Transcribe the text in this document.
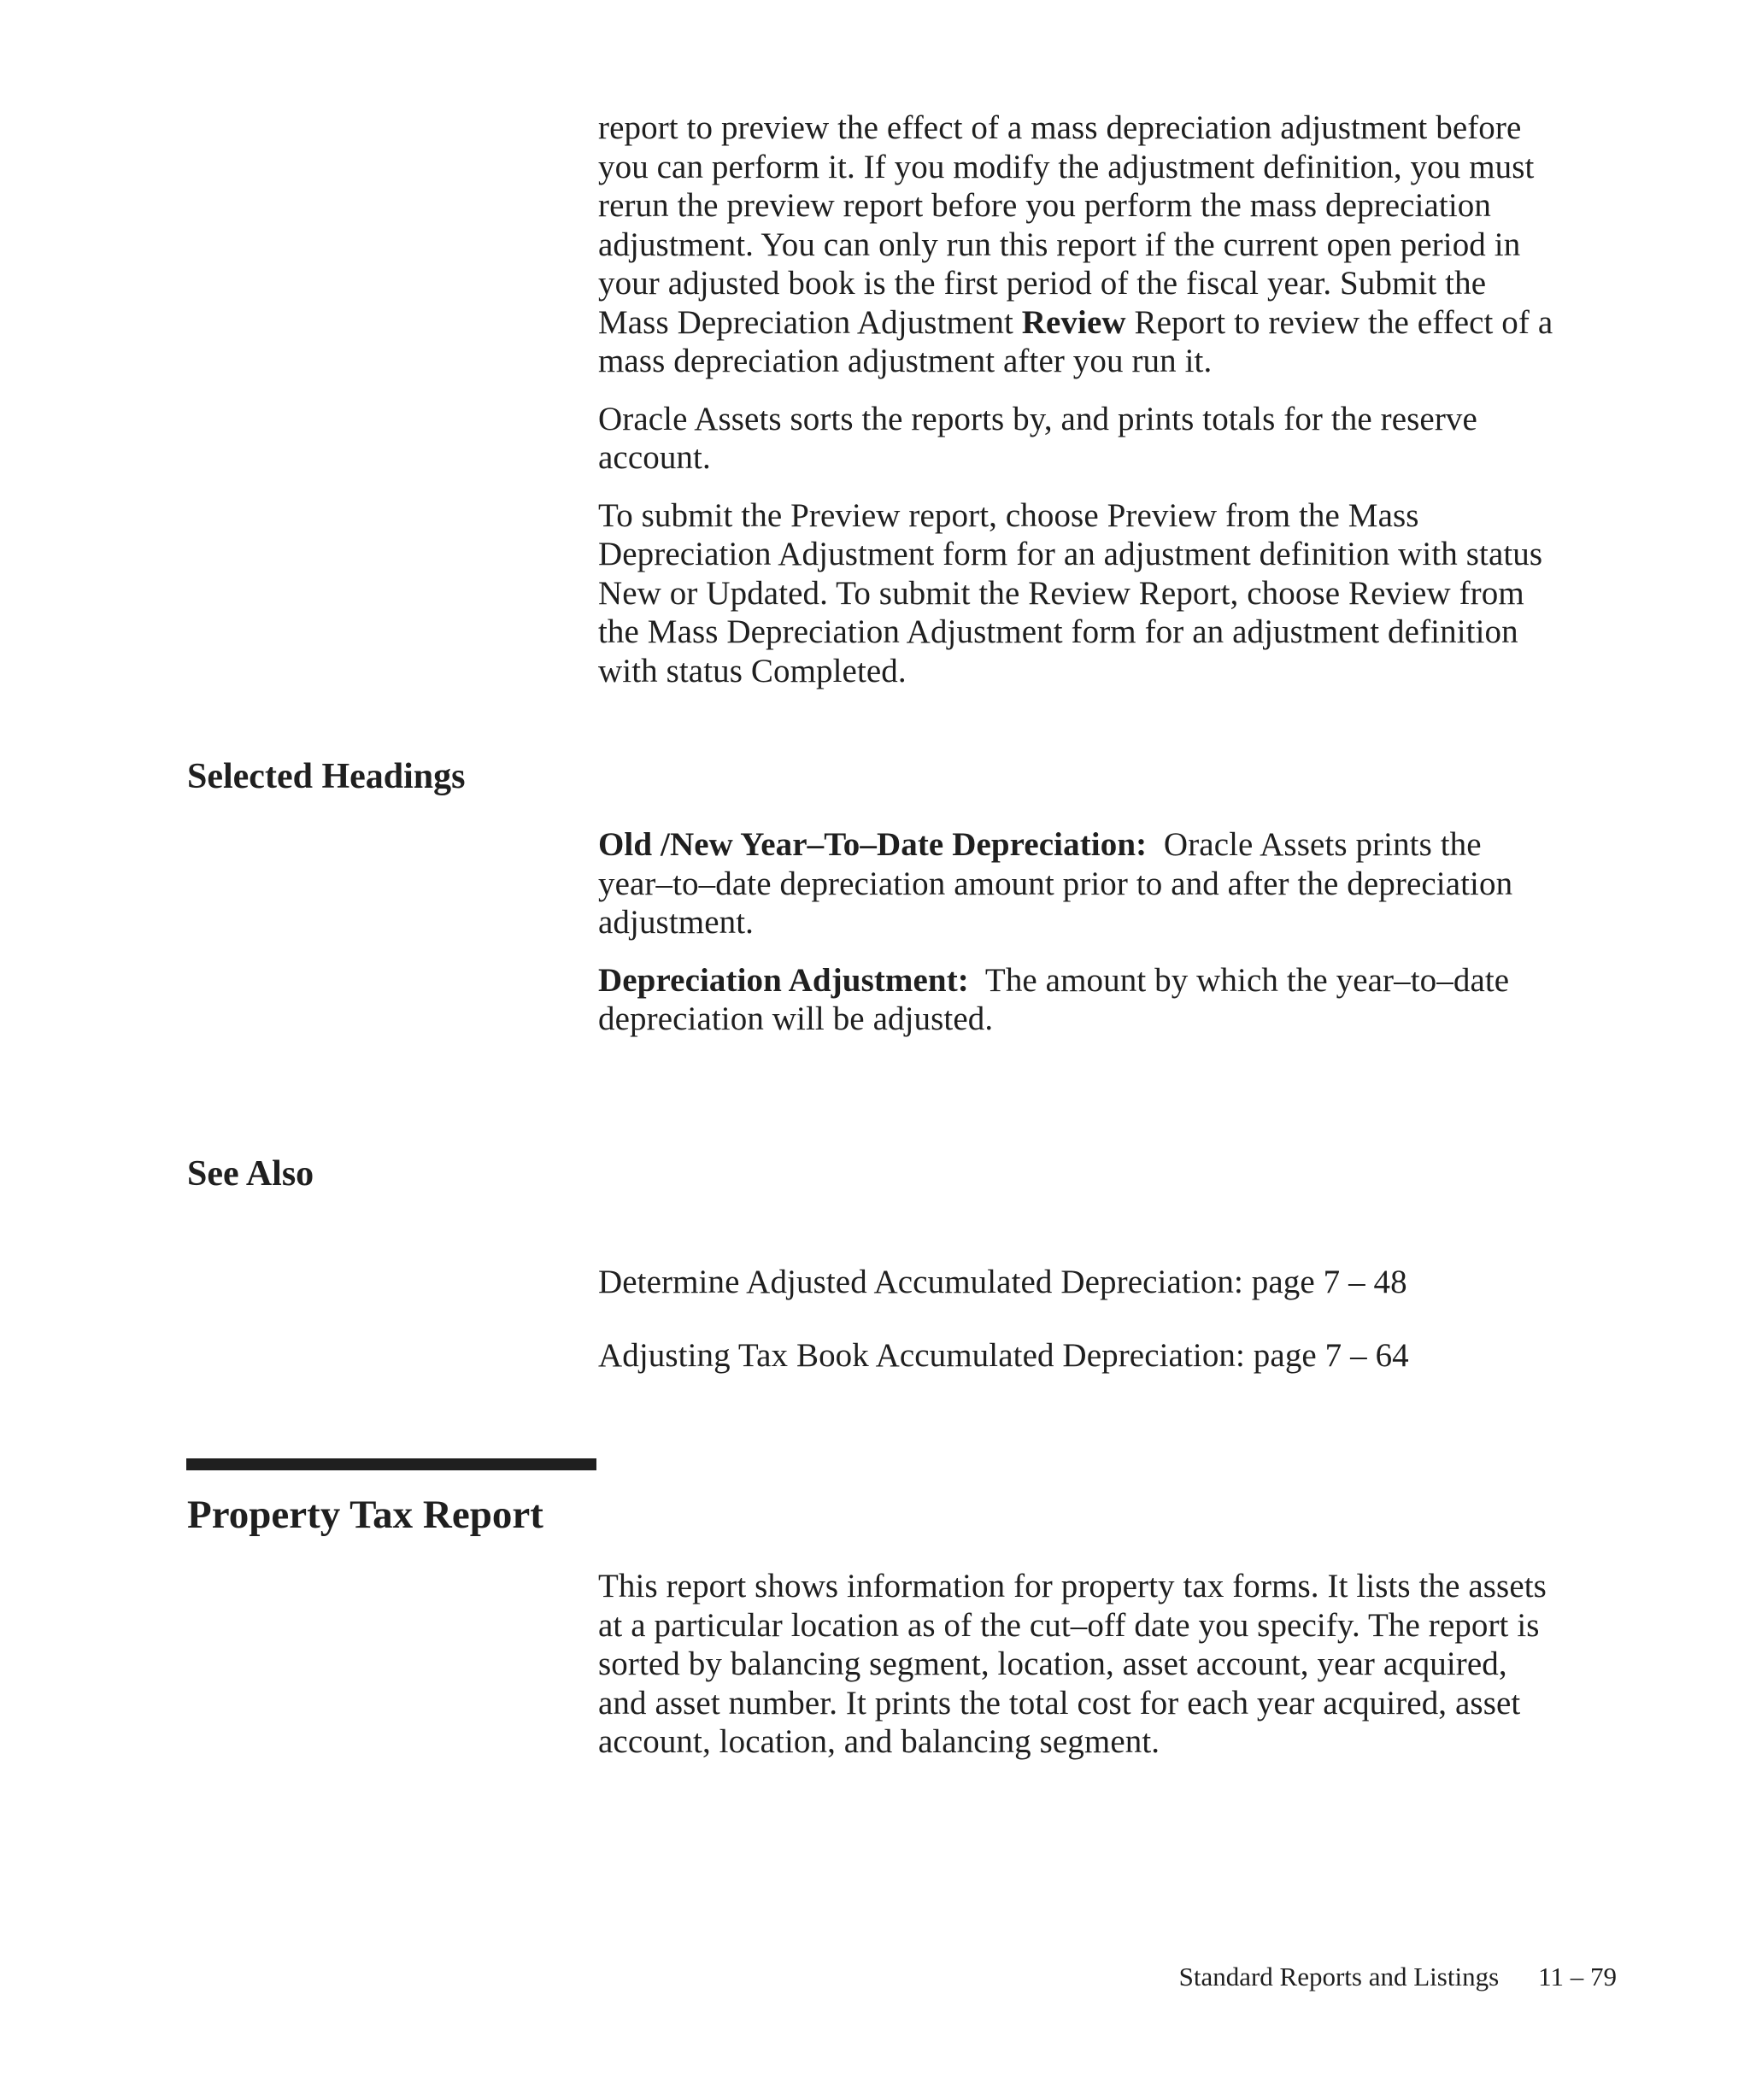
report to preview the effect of a mass depreciation adjustment before
you can perform it. If you modify the adjustment definition, you must
rerun the preview report before you perform the mass depreciation
adjustment. You can only run this report if the current open period in
your adjusted book is the first period of the fiscal year. Submit the
Mass Depreciation Adjustment Review Report to review the effect of a
mass depreciation adjustment after you run it.

Oracle Assets sorts the reports by, and prints totals for the reserve
account.

To submit the Preview report, choose Preview from the Mass
Depreciation Adjustment form for an adjustment definition with status
New or Updated. To submit the Review Report, choose Review from
the Mass Depreciation Adjustment form for an adjustment definition
with status Completed.

Selected Headings

Old /New Year–To–Date Depreciation:  Oracle Assets prints the
year–to–date depreciation amount prior to and after the depreciation
adjustment.

Depreciation Adjustment:  The amount by which the year–to–date
depreciation will be adjusted.

See Also
Determine Adjusted Accumulated Depreciation: page 7 – 48
Adjusting Tax Book Accumulated Depreciation: page 7 – 64
Property Tax Report

This report shows information for property tax forms. It lists the assets
at a particular location as of the cut–off date you specify. The report is
sorted by balancing segment, location, asset account, year acquired,
and asset number. It prints the total cost for each year acquired, asset
account, location, and balancing segment.

Standard Reports and Listings 11 – 79
